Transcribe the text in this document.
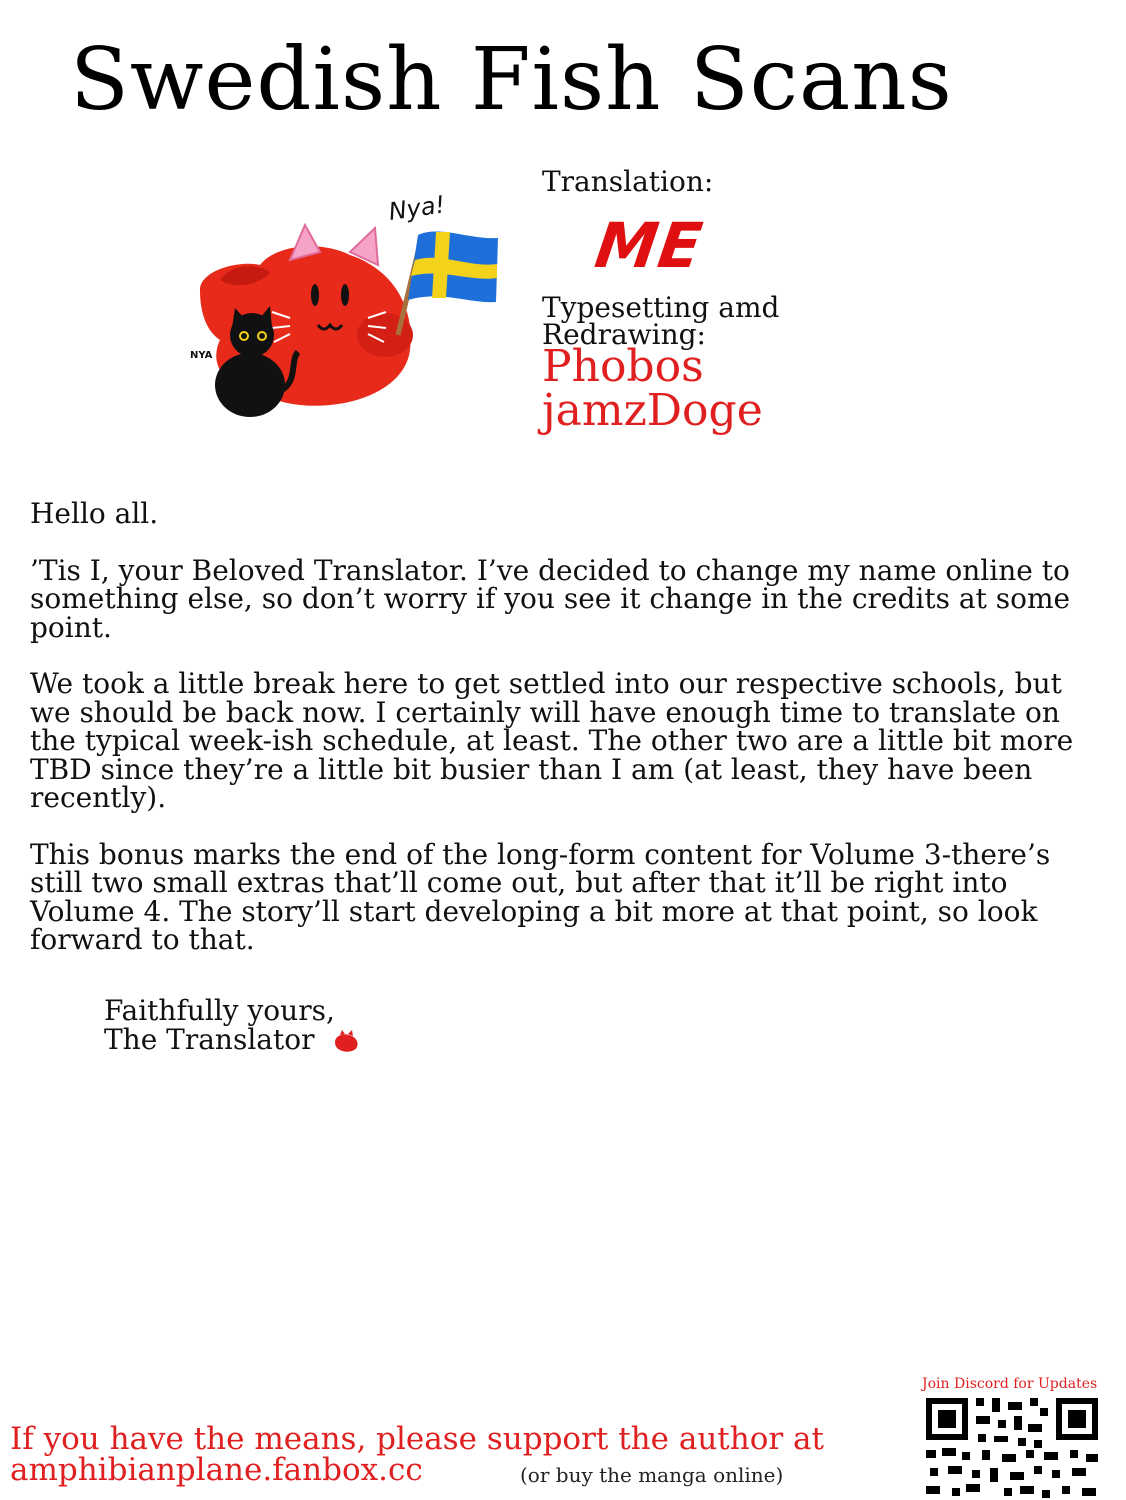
Swedish Fish Scans
Nya!
NYA
Translation:
ME
Typesetting amd Redrawing:
Phobos
jamzDoge

Hello all.

’Tis I, your Beloved Translator. I’ve decided to change my name online to something else, so don’t worry if you see it change in the credits at some point.

We took a little break here to get settled into our respective schools, but we should be back now. I certainly will have enough time to translate on the typical week-ish schedule, at least. The other two are a little bit more TBD since they’re a little bit busier than I am (at least, they have been recently).

This bonus marks the end of the long-form content for Volume 3-there’s still two small extras that’ll come out, but after that it’ll be right into Volume 4. The story’ll start developing a bit more at that point, so look forward to that.

Faithfully yours,
The Translator
If you have the means, please support the author at
amphibianplane.fanbox.cc	(or buy the manga online)
Join Discord for Updates
